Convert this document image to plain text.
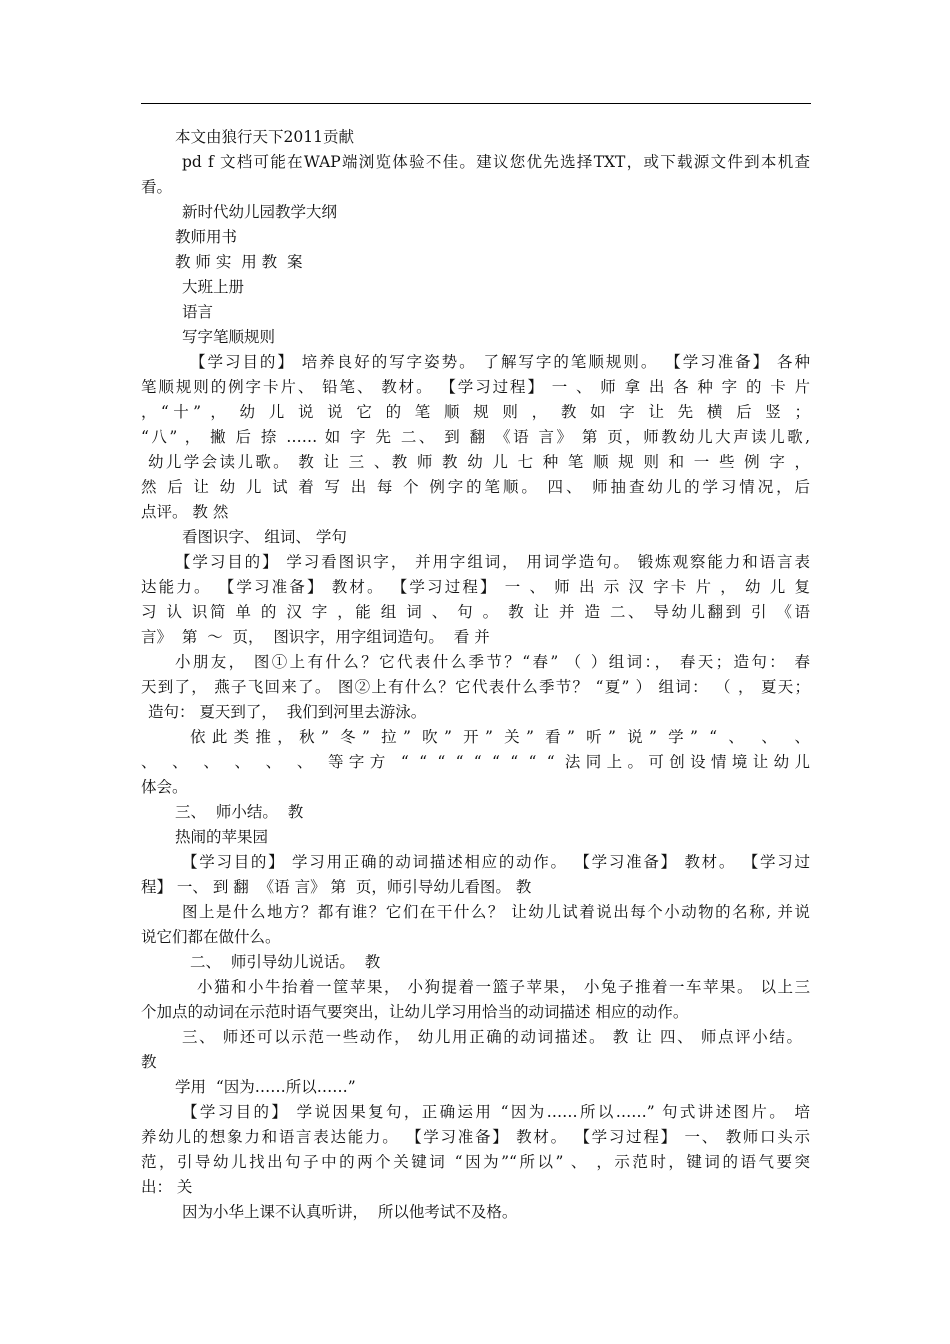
本文由狼行天下2011贡献
pd f 文档可能在WAP端浏览体验不佳。建议您优先选择TXT，或下载源文件到本机查
看。
新时代幼儿园教学大纲
教师用书
教 师 实  用 教  案
大班上册
语言
写字笔顺规则
【学习目的】 培养良好的写字姿势。 了解写字的笔顺规则。 【学习准备】 各种
笔顺规则的例字卡片、 铅笔、 教材。 【学习过程】 一 、 师 拿 出 各 种 字 的 卡 片
，“十” ， 幼 儿 说 说 它 的 笔 顺 规 则 ， 教 如 字 让 先 横 后 竖 ；
“八” ， 撇 后 捺 …… 如 字 先 二、 到 翻 《语 言》 第 页，师教幼儿大声读儿歌,
幼儿学会读儿歌。 教 让 三 、教 师 教 幼 儿 七 种 笔 顺 规 则 和 一 些 例 字 ，
然 后 让 幼 儿 试 着 写 出 每 个 例字的笔顺。 四、 师抽查幼儿的学习情况，后
点评。 教 然
看图识字、 组词、 学句
【学习目的】 学习看图识字， 并用字组词， 用词学造句。 锻炼观察能力和语言表
达能力。 【学习准备】 教材。 【学习过程】 一 、 师 出 示 汉 字卡 片 ， 幼 儿 复
习 认 识简 单 的 汉 字 ，能 组 词 、 句 。 教 让 并 造 二、 导幼儿翻到 引 《语
言》  第  ～  页，  图识字，用字组词造句。  看 并
小朋友， 图①上有什么？它代表什么季节？“春” （ ）组词：， 春天；造句： 春
天到了， 燕子飞回来了。 图②上有什么？它代表什么季节？ “夏” ） 组词： （ ， 夏天；
造句： 夏天到了，  我们到河里去游泳。
依此类推，秋” 冬” 拉” 吹” 开” 关” 看” 听” 说” 学” “ 、 、 、
、 、 、 、 、 、 等字方 “ “ “ “ “ “ “ “ “ 法同上。可创设情境让幼儿
体会。
三、  师小结。  教
热闹的苹果园
【学习目的】 学习用正确的动词描述相应的动作。 【学习准备】 教材。 【学习过
程】 一、 到 翻  《语 言》 第  页，师引导幼儿看图。 教
图上是什么地方？都有谁？它们在干什么？ 让幼儿试着说出每个小动物的名称, 并说
说它们都在做什么。
二、  师引导幼儿说话。  教
小猫和小牛抬着一筐苹果， 小狗提着一篮子苹果， 小兔子推着一车苹果。 以上三
个加点的动词在示范时语气要突出，让幼儿学习用恰当的动词描述 相应的动作。
三、 师还可以示范一些动作， 幼儿用正确的动词描述。 教 让 四、 师点评小结。
教
学用  “因为……所以……”
【学习目的】 学说因果复句，正确运用 “因为……所以……” 句式讲述图片。 培
养幼儿的想象力和语言表达能力。 【学习准备】 教材。 【学习过程】 一、 教师口头示
范，引导幼儿找出句子中的两个关键词 “因为”“所以” 、 ，示范时，键词的语气要突
出： 关
因为小华上课不认真听讲，  所以他考试不及格。
